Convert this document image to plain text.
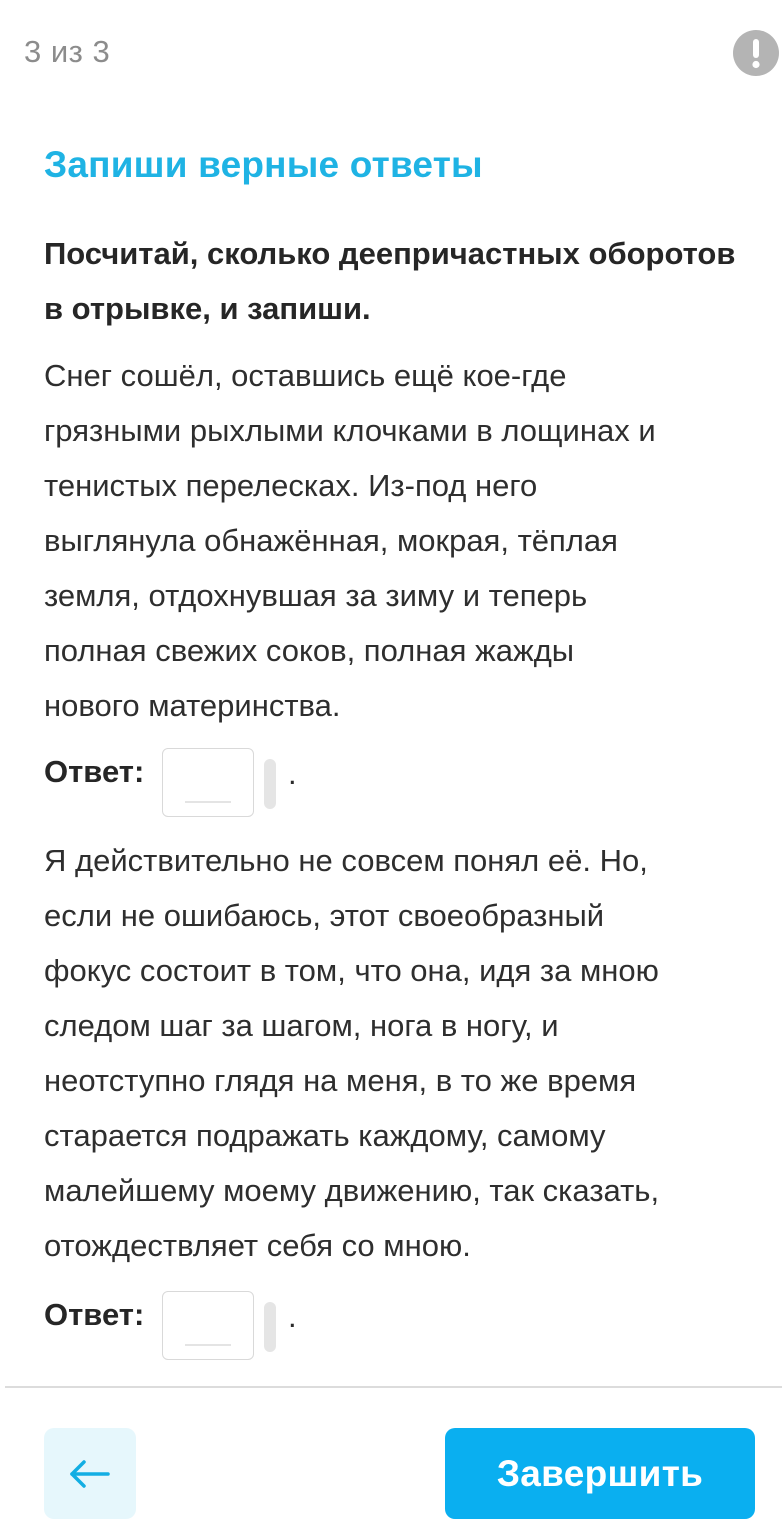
3 из 3
Запиши верные ответы
Посчитай, сколько деепричастных оборотов в отрывке, и запиши.
Снег сошёл, оставшись ещё кое-где
грязными рыхлыми клочками в лощинах и
тенистых перелесках. Из-под него
выглянула обнажённая, мокрая, тёплая
земля, отдохнувшая за зиму и теперь
полная свежих соков, полная жажды
нового материнства.
Ответ:	.
Я действительно не совсем понял её. Но,
если не ошибаюсь, этот своеобразный
фокус состоит в том, что она, идя за мною
следом шаг за шагом, нога в ногу, и
неотступно глядя на меня, в то же время
старается подражать каждому, самому
малейшему моему движению, так сказать,
отождествляет себя со мною.
Ответ:	.
Завершить
